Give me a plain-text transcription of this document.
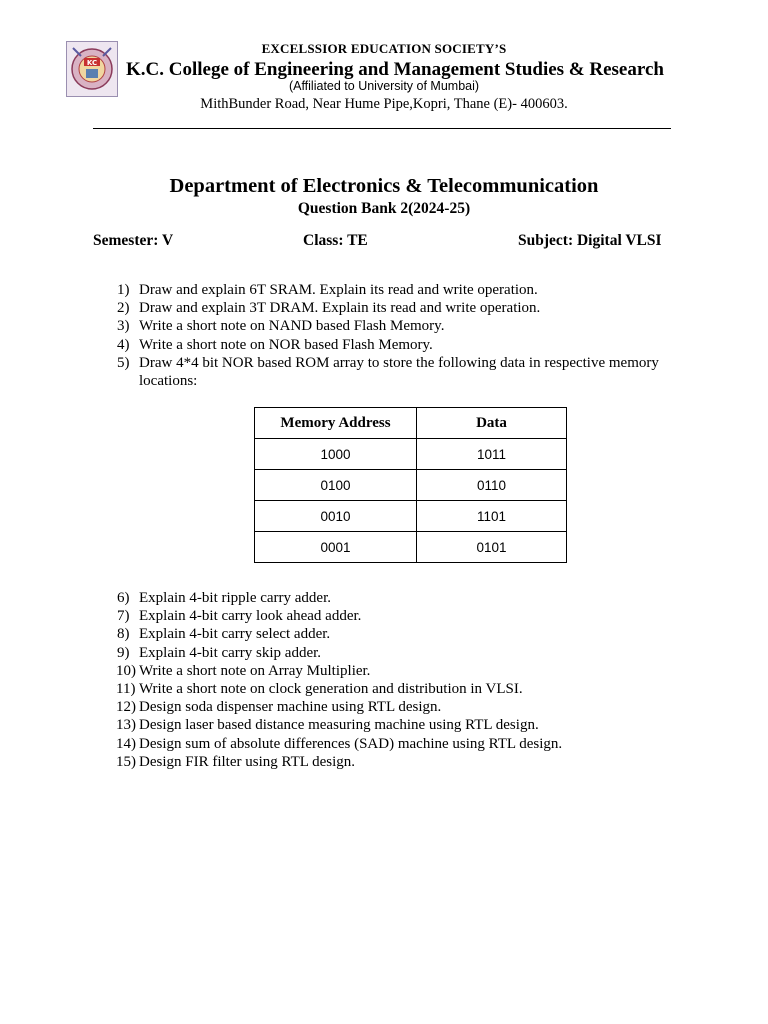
KC
EXCELSSIOR EDUCATION SOCIETY’S
K.C. College of Engineering and Management Studies & Research
(Affiliated to University of Mumbai)
MithBunder Road, Near Hume Pipe,Kopri, Thane (E)- 400603.
Department of Electronics & Telecommunication
Question Bank 2(2024-25)
Semester: V	Class: TE	Subject: Digital VLSI
1) Draw and explain 6T SRAM. Explain its read and write operation.
2) Draw and explain 3T DRAM. Explain its read and write operation.
3) Write a short note on NAND based Flash Memory.
4) Write a short note on NOR based Flash Memory.
5) Draw 4*4 bit NOR based ROM array to store the following data in respective memory locations:
Memory Address	Data
1000	1011
0100	0110
0010	1101
0001	0101
6) Explain 4-bit ripple carry adder.
7) Explain 4-bit carry look ahead adder.
8) Explain 4-bit carry select adder.
9) Explain 4-bit carry skip adder.
10) Write a short note on Array Multiplier.
11) Write a short note on clock generation and distribution in VLSI.
12) Design soda dispenser machine using RTL design.
13) Design laser based distance measuring machine using RTL design.
14) Design sum of absolute differences (SAD) machine using RTL design.
15) Design FIR filter using RTL design.
